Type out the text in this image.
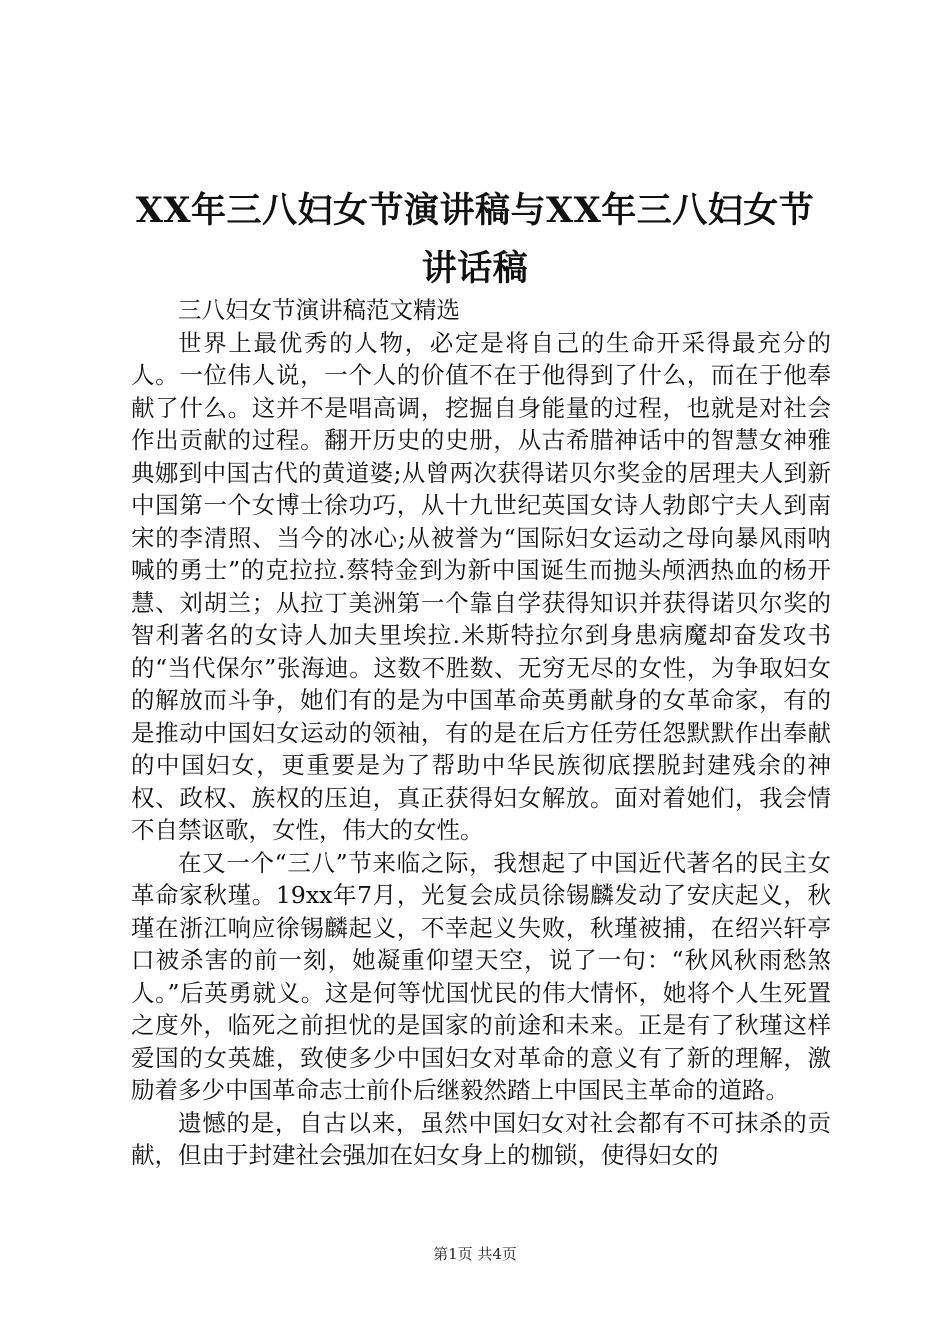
XX年三八妇女节演讲稿与XX年三八妇女节讲话稿

三八妇女节演讲稿范文精选

世界上最优秀的人物，必定是将自己的生命开采得最充分的人。一位伟人说，一个人的价值不在于他得到了什么，而在于他奉献了什么。这并不是唱高调，挖掘自身能量的过程，也就是对社会作出贡献的过程。翻开历史的史册，从古希腊神话中的智慧女神雅典娜到中国古代的黄道婆;从曾两次获得诺贝尔奖金的居理夫人到新中国第一个女博士徐功巧，从十九世纪英国女诗人勃郎宁夫人到南宋的李清照、当今的冰心;从被誉为“国际妇女运动之母向暴风雨呐喊的勇士”的克拉拉.蔡特金到为新中国诞生而抛头颅洒热血的杨开慧、刘胡兰；从拉丁美洲第一个靠自学获得知识并获得诺贝尔奖的智利著名的女诗人加夫里埃拉.米斯特拉尔到身患病魔却奋发攻书的“当代保尔”张海迪。这数不胜数、无穷无尽的女性，为争取妇女的解放而斗争，她们有的是为中国革命英勇献身的女革命家，有的是推动中国妇女运动的领袖，有的是在后方任劳任怨默默作出奉献的中国妇女，更重要是为了帮助中华民族彻底摆脱封建残余的神权、政权、族权的压迫，真正获得妇女解放。面对着她们，我会情不自禁讴歌，女性，伟大的女性。

在又一个“三八”节来临之际，我想起了中国近代著名的民主女革命家秋瑾。19xx年7月，光复会成员徐锡麟发动了安庆起义，秋瑾在浙江响应徐锡麟起义，不幸起义失败，秋瑾被捕，在绍兴轩亭口被杀害的前一刻，她凝重仰望天空，说了一句：“秋风秋雨愁煞人。”后英勇就义。这是何等忧国忧民的伟大情怀，她将个人生死置之度外，临死之前担忧的是国家的前途和未来。正是有了秋瑾这样爱国的女英雄，致使多少中国妇女对革命的意义有了新的理解，激励着多少中国革命志士前仆后继毅然踏上中国民主革命的道路。

遗憾的是，自古以来，虽然中国妇女对社会都有不可抹杀的贡献，但由于封建社会强加在妇女身上的枷锁，使得妇女的

第1页 共4页
